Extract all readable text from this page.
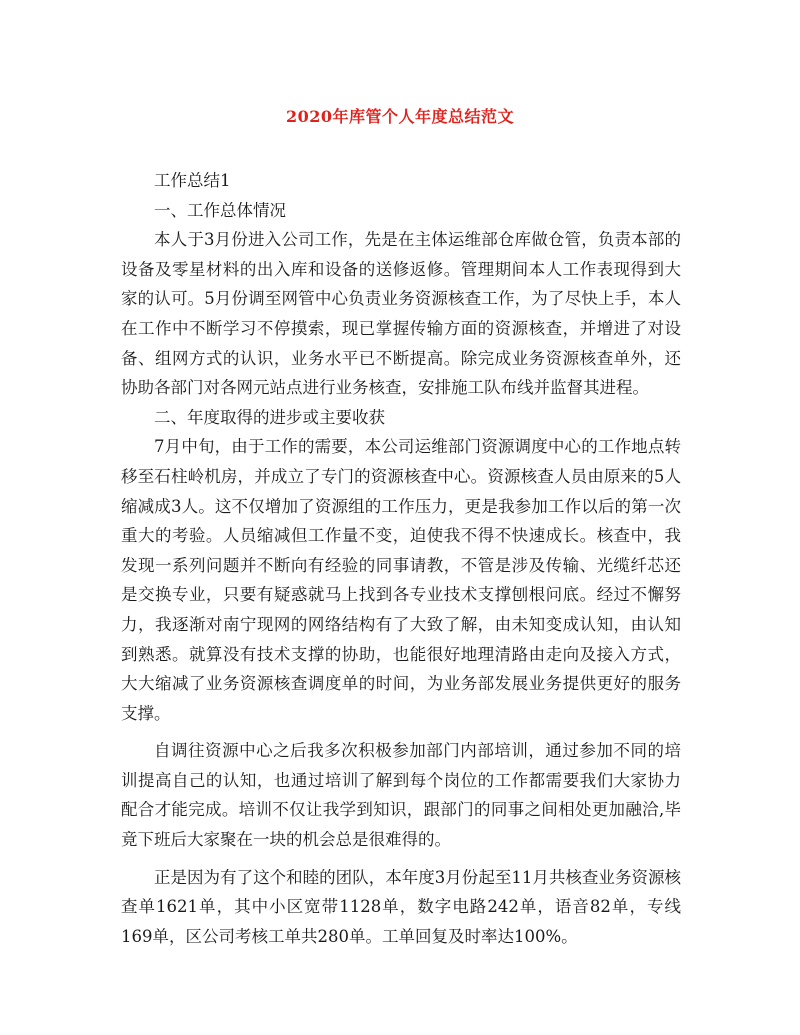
2020年库管个人年度总结范文

工作总结1

一、工作总体情况

本人于3月份进入公司工作，先是在主体运维部仓库做仓管，负责本部的设备及零星材料的出入库和设备的送修返修。管理期间本人工作表现得到大家的认可。5月份调至网管中心负责业务资源核查工作，为了尽快上手，本人在工作中不断学习不停摸索，现已掌握传输方面的资源核查，并增进了对设备、组网方式的认识，业务水平已不断提高。除完成业务资源核查单外，还协助各部门对各网元站点进行业务核查，安排施工队布线并监督其进程。

二、年度取得的进步或主要收获

7月中旬，由于工作的需要，本公司运维部门资源调度中心的工作地点转移至石柱岭机房，并成立了专门的资源核查中心。资源核查人员由原来的5人缩减成3人。这不仅增加了资源组的工作压力，更是我参加工作以后的第一次重大的考验。人员缩减但工作量不变，迫使我不得不快速成长。核查中，我发现一系列问题并不断向有经验的同事请教，不管是涉及传输、光缆纤芯还是交换专业，只要有疑惑就马上找到各专业技术支撑刨根问底。经过不懈努力，我逐渐对南宁现网的网络结构有了大致了解，由未知变成认知，由认知到熟悉。就算没有技术支撑的协助，也能很好地理清路由走向及接入方式，大大缩减了业务资源核查调度单的时间，为业务部发展业务提供更好的服务支撑。

自调往资源中心之后我多次积极参加部门内部培训，通过参加不同的培训提高自己的认知，也通过培训了解到每个岗位的工作都需要我们大家协力配合才能完成。培训不仅让我学到知识，跟部门的同事之间相处更加融洽,毕竟下班后大家聚在一块的机会总是很难得的。

正是因为有了这个和睦的团队，本年度3月份起至11月共核查业务资源核查单1621单，其中小区宽带1128单，数字电路242单，语音82单，专线169单，区公司考核工单共280单。工单回复及时率达100%。
